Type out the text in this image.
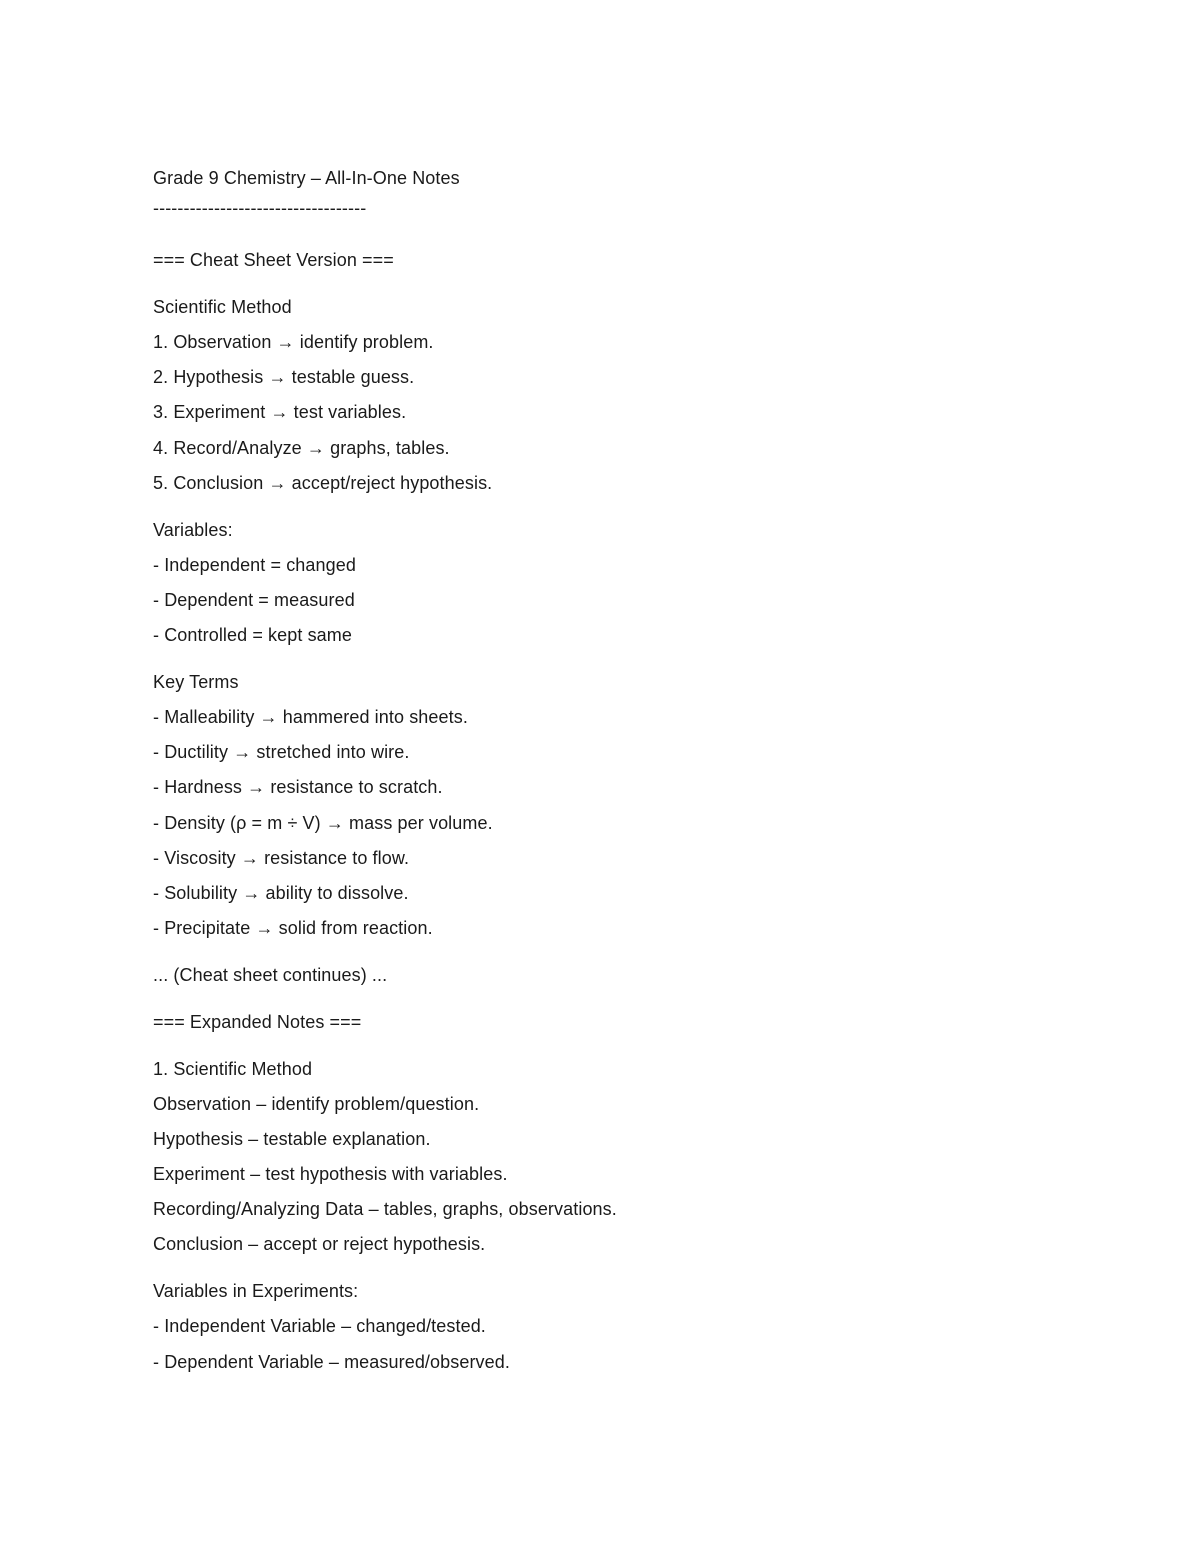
Grade 9 Chemistry – All-In-One Notes
-----------------------------------
=== Cheat Sheet Version ===
Scientific Method
1. Observation → identify problem.
2. Hypothesis → testable guess.
3. Experiment → test variables.
4. Record/Analyze → graphs, tables.
5. Conclusion → accept/reject hypothesis.
Variables:
- Independent = changed
- Dependent = measured
- Controlled = kept same
Key Terms
- Malleability → hammered into sheets.
- Ductility → stretched into wire.
- Hardness → resistance to scratch.
- Density (ρ = m ÷ V) → mass per volume.
- Viscosity → resistance to flow.
- Solubility → ability to dissolve.
- Precipitate → solid from reaction.
... (Cheat sheet continues) ...
=== Expanded Notes ===
1. Scientific Method
Observation – identify problem/question.
Hypothesis – testable explanation.
Experiment – test hypothesis with variables.
Recording/Analyzing Data – tables, graphs, observations.
Conclusion – accept or reject hypothesis.
Variables in Experiments:
- Independent Variable – changed/tested.
- Dependent Variable – measured/observed.
